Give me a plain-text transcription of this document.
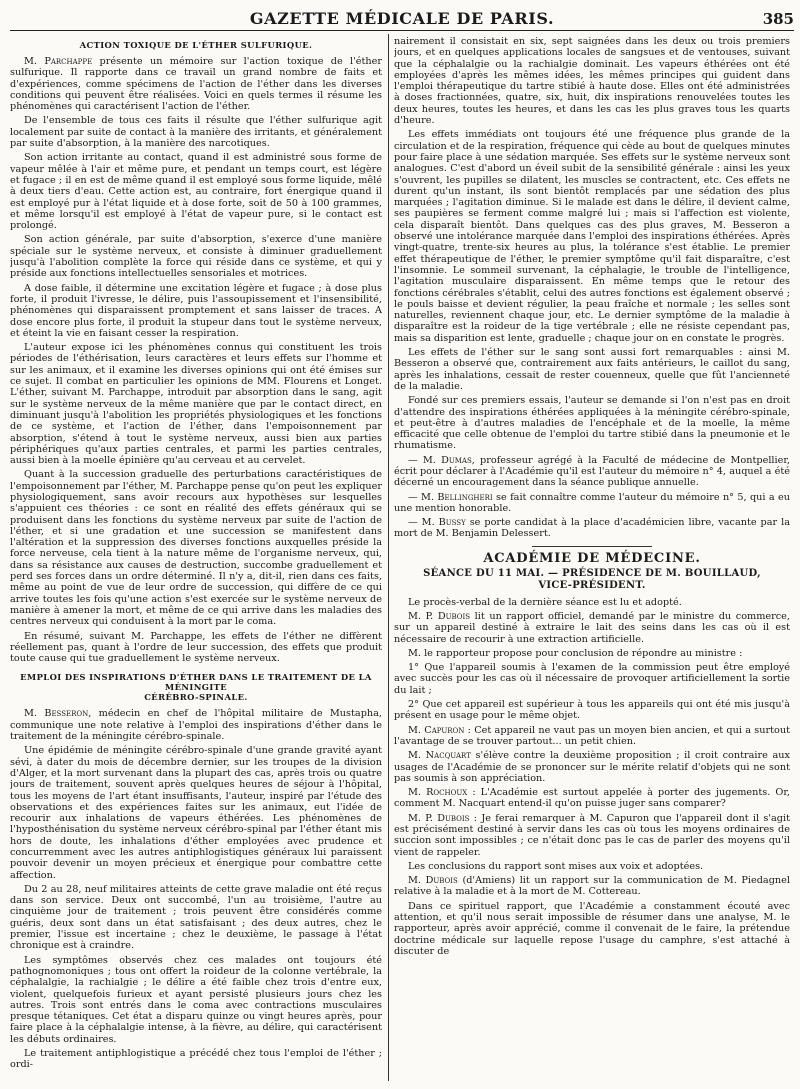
GAZETTE MÉDICALE DE PARIS.	385
ACTION TOXIQUE DE L'ÉTHER SULFURIQUE.

M. Parchappe présente un mémoire sur l'action toxique de l'éther sulfurique. Il rapporte dans ce travail un grand nombre de faits et d'expériences, comme spécimens de l'action de l'éther dans les diverses conditions qui peuvent être réalisées. Voici en quels termes il résume les phénomènes qui caractérisent l'action de l'éther.

De l'ensemble de tous ces faits il résulte que l'éther sulfurique agit localement par suite de contact à la manière des irritants, et généralement par suite d'absorption, à la manière des narcotiques.

Son action irritante au contact, quand il est administré sous forme de vapeur mêlée à l'air et même pure, et pendant un temps court, est légère et fugace ; il en est de même quand il est employé sous forme liquide, mêlé à deux tiers d'eau. Cette action est, au contraire, fort énergique quand il est employé pur à l'état liquide et à dose forte, soit de 50 à 100 grammes, et même lorsqu'il est employé à l'état de vapeur pure, si le contact est prolongé.

Son action générale, par suite d'absorption, s'exerce d'une manière spéciale sur le système nerveux, et consiste à diminuer graduellement jusqu'à l'abolition complète la force qui réside dans ce système, et qui y préside aux fonctions intellectuelles sensoriales et motrices.

A dose faible, il détermine une excitation légère et fugace ; à dose plus forte, il produit l'ivresse, le délire, puis l'assoupissement et l'insensibilité, phénomènes qui disparaissent promptement et sans laisser de traces. A dose encore plus forte, il produit la stupeur dans tout le système nerveux, et éteint la vie en faisant cesser la respiration.

L'auteur expose ici les phénomènes connus qui constituent les trois périodes de l'éthérisation, leurs caractères et leurs effets sur l'homme et sur les animaux, et il examine les diverses opinions qui ont été émises sur ce sujet. Il combat en particulier les opinions de MM. Flourens et Longet. L'éther, suivant M. Parchappe, introduit par absorption dans le sang, agit sur le système nerveux de la même manière que par le contact direct, en diminuant jusqu'à l'abolition les propriétés physiologiques et les fonctions de ce système, et l'action de l'éther, dans l'empoisonnement par absorption, s'étend à tout le système nerveux, aussi bien aux parties périphériques qu'aux parties centrales, et parmi les parties centrales, aussi bien à la moelle épinière qu'au cerveau et au cervelet.

Quant à la succession graduelle des perturbations caractéristiques de l'empoisonnement par l'éther, M. Parchappe pense qu'on peut les expliquer physiologiquement, sans avoir recours aux hypothèses sur lesquelles s'appuient ces théories : ce sont en réalité des effets généraux qui se produisent dans les fonctions du système nerveux par suite de l'action de l'éther, et si une gradation et une succession se manifestent dans l'altération et la suppression des diverses fonctions auxquelles préside la force nerveuse, cela tient à la nature même de l'organisme nerveux, qui, dans sa résistance aux causes de destruction, succombe graduellement et perd ses forces dans un ordre déterminé. Il n'y a, dit-il, rien dans ces faits, même au point de vue de leur ordre de succession, qui diffère de ce qui arrive toutes les fois qu'une action s'est exercée sur le système nerveux de manière à amener la mort, et même de ce qui arrive dans les maladies des centres nerveux qui conduisent à la mort par le coma.

En résumé, suivant M. Parchappe, les effets de l'éther ne diffèrent réellement pas, quant à l'ordre de leur succession, des effets que produit toute cause qui tue graduellement le système nerveux.

EMPLOI DES INSPIRATIONS D'ÉTHER DANS LE TRAITEMENT DE LA MÉNINGITE
CÉRÉBRO-SPINALE.

M. Besseron, médecin en chef de l'hôpital militaire de Mustapha, communique une note relative à l'emploi des inspirations d'éther dans le traitement de la méningite cérébro-spinale.

Une épidémie de méningite cérébro-spinale d'une grande gravité ayant sévi, à dater du mois de décembre dernier, sur les troupes de la division d'Alger, et la mort survenant dans la plupart des cas, après trois ou quatre jours de traitement, souvent après quelques heures de séjour à l'hôpital, tous les moyens de l'art étant insuffisants, l'auteur, inspiré par l'étude des observations et des expériences faites sur les animaux, eut l'idée de recourir aux inhalations de vapeurs éthérées. Les phénomènes de l'hyposthénisation du système nerveux cérébro-spinal par l'éther étant mis hors de doute, les inhalations d'éther employées avec prudence et concurremment avec les autres antiphlogistiques généraux lui paraissent pouvoir devenir un moyen précieux et énergique pour combattre cette affection.

Du 2 au 28, neuf militaires atteints de cette grave maladie ont été reçus dans son service. Deux ont succombé, l'un au troisième, l'autre au cinquième jour de traitement ; trois peuvent être considérés comme guéris, deux sont dans un état satisfaisant ; des deux autres, chez le premier, l'issue est incertaine ; chez le deuxième, le passage à l'état chronique est à craindre.

Les symptômes observés chez ces malades ont toujours été pathognomoniques ; tous ont offert la roideur de la colonne vertébrale, la céphalalgie, la rachialgie ; le délire a été faible chez trois d'entre eux, violent, quelquefois furieux et ayant persisté plusieurs jours chez les autres. Trois sont entrés dans le coma avec contractions musculaires presque tétaniques. Cet état a disparu quinze ou vingt heures après, pour faire place à la céphalalgie intense, à la fièvre, au délire, qui caractérisent les débuts ordinaires.

Le traitement antiphlogistique a précédé chez tous l'emploi de l'éther ; ordi-

nairement il consistait en six, sept saignées dans les deux ou trois premiers jours, et en quelques applications locales de sangsues et de ventouses, suivant que la céphalalgie ou la rachialgie dominait. Les vapeurs éthérées ont été employées d'après les mêmes idées, les mêmes principes qui guident dans l'emploi thérapeutique du tartre stibié à haute dose. Elles ont été administrées à doses fractionnées, quatre, six, huit, dix inspirations renouvelées toutes les deux heures, toutes les heures, et dans les cas les plus graves tous les quarts d'heure.

Les effets immédiats ont toujours été une fréquence plus grande de la circulation et de la respiration, fréquence qui cède au bout de quelques minutes pour faire place à une sédation marquée. Ses effets sur le système nerveux sont analogues. C'est d'abord un éveil subit de la sensibilité générale : ainsi les yeux s'ouvrent, les pupilles se dilatent, les muscles se contractent, etc. Ces effets ne durent qu'un instant, ils sont bientôt remplacés par une sédation des plus marquées ; l'agitation diminue. Si le malade est dans le délire, il devient calme, ses paupières se ferment comme malgré lui ; mais si l'affection est violente, cela disparaît bientôt. Dans quelques cas des plus graves, M. Besseron a observé une intolérance marquée dans l'emploi des inspirations éthérées. Après vingt-quatre, trente-six heures au plus, la tolérance s'est établie. Le premier effet thérapeutique de l'éther, le premier symptôme qu'il fait disparaître, c'est l'insomnie. Le sommeil survenant, la céphalagie, le trouble de l'intelligence, l'agitation musculaire disparaissent. En même temps que le retour des fonctions cérébrales s'établit, celui des autres fonctions est également observé ; le pouls baisse et devient régulier, la peau fraîche et normale ; les selles sont naturelles, reviennent chaque jour, etc. Le dernier symptôme de la maladie à disparaître est la roideur de la tige vertébrale ; elle ne résiste cependant pas, mais sa disparition est lente, graduelle ; chaque jour on en constate le progrès.

Les effets de l'éther sur le sang sont aussi fort remarquables : ainsi M. Besseron a observé que, contrairement aux faits antérieurs, le caillot du sang, après les inhalations, cessait de rester couenneux, quelle que fût l'ancienneté de la maladie.

Fondé sur ces premiers essais, l'auteur se demande si l'on n'est pas en droit d'attendre des inspirations éthérées appliquées à la méningite cérébro-spinale, et peut-être à d'autres maladies de l'encéphale et de la moelle, la même efficacité que celle obtenue de l'emploi du tartre stibié dans la pneumonie et le rhumatisme.

— M. Dumas, professeur agrégé à la Faculté de médecine de Montpellier, écrit pour déclarer à l'Académie qu'il est l'auteur du mémoire n° 4, auquel a été décerné un encouragement dans la séance publique annuelle.

— M. Bellingheri se fait connaître comme l'auteur du mémoire n° 5, qui a eu une mention honorable.

— M. Bussy se porte candidat à la place d'académicien libre, vacante par la mort de M. Benjamin Delessert.

ACADÉMIE DE MÉDECINE.
SÉANCE DU 11 MAI. — PRÉSIDENCE DE M. BOUILLAUD,
VICE-PRÉSIDENT.

Le procès-verbal de la dernière séance est lu et adopté.

M. P. Dubois lit un rapport officiel, demandé par le ministre du commerce, sur un appareil destiné à extraire le lait des seins dans les cas où il est nécessaire de recourir à une extraction artificielle.

M. le rapporteur propose pour conclusion de répondre au ministre :

1° Que l'appareil soumis à l'examen de la commission peut être employé avec succès pour les cas où il nécessaire de provoquer artificiellement la sortie du lait ;

2° Que cet appareil est supérieur à tous les appareils qui ont été mis jusqu'à présent en usage pour le même objet.

M. Capuron : Cet appareil ne vaut pas un moyen bien ancien, et qui a surtout l'avantage de se trouver partout... un petit chien.

M. Nacquart s'élève contre la deuxième proposition ; il croit contraire aux usages de l'Académie de se prononcer sur le mérite relatif d'objets qui ne sont pas soumis à son appréciation.

M. Rochoux : L'Académie est surtout appelée à porter des jugements. Or, comment M. Nacquart entend-il qu'on puisse juger sans comparer?

M. P. Dubois : Je ferai remarquer à M. Capuron que l'appareil dont il s'agit est précisément destiné à servir dans les cas où tous les moyens ordinaires de succion sont impossibles ; ce n'était donc pas le cas de parler des moyens qu'il vient de rappeler.

Les conclusions du rapport sont mises aux voix et adoptées.

M. Dubois (d'Amiens) lit un rapport sur la communication de M. Piedagnel relative à la maladie et à la mort de M. Cottereau.

Dans ce spirituel rapport, que l'Académie a constamment écouté avec attention, et qu'il nous serait impossible de résumer dans une analyse, M. le rapporteur, après avoir apprécié, comme il convenait de le faire, la prétendue doctrine médicale sur laquelle repose l'usage du camphre, s'est attaché à discuter de
